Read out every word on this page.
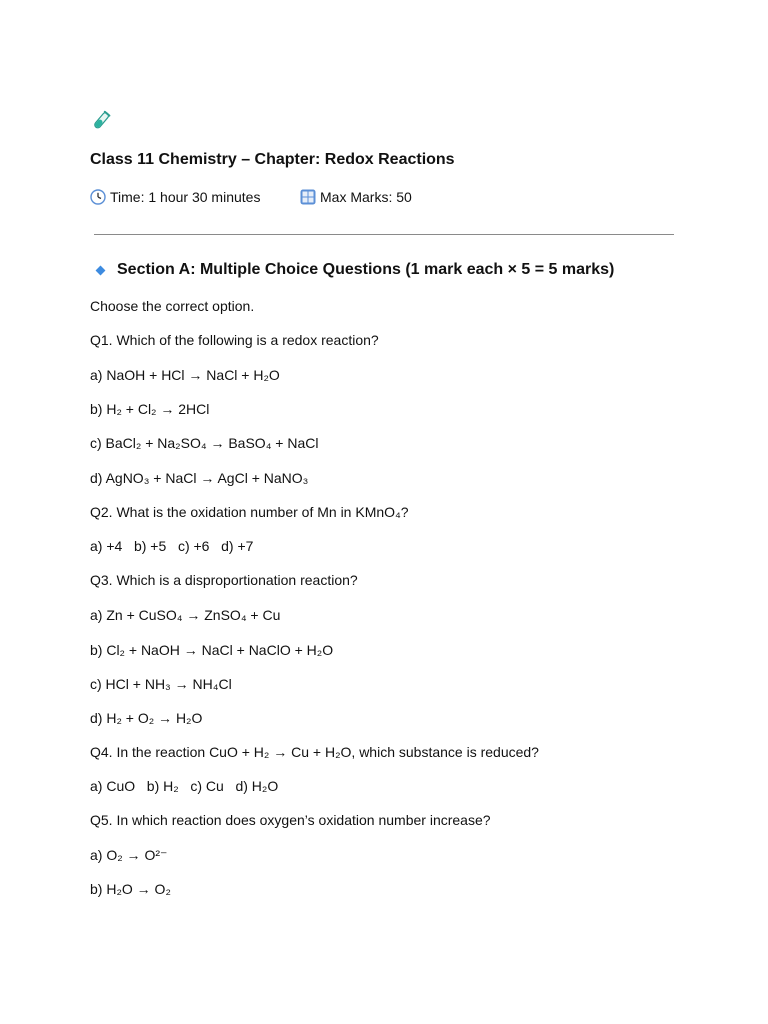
Class 11 Chemistry – Chapter: Redox Reactions
Time: 1 hour 30 minutes	Max Marks: 50
Section A: Multiple Choice Questions (1 mark each × 5 = 5 marks)
Choose the correct option.
Q1. Which of the following is a redox reaction?
a) NaOH + HCl → NaCl + H₂O
b) H₂ + Cl₂ → 2HCl
c) BaCl₂ + Na₂SO₄ → BaSO₄ + NaCl
d) AgNO₃ + NaCl → AgCl + NaNO₃
Q2. What is the oxidation number of Mn in KMnO₄?
a) +4   b) +5   c) +6   d) +7
Q3. Which is a disproportionation reaction?
a) Zn + CuSO₄ → ZnSO₄ + Cu
b) Cl₂ + NaOH → NaCl + NaClO + H₂O
c) HCl + NH₃ → NH₄Cl
d) H₂ + O₂ → H₂O
Q4. In the reaction CuO + H₂ → Cu + H₂O, which substance is reduced?
a) CuO   b) H₂   c) Cu   d) H₂O
Q5. In which reaction does oxygen’s oxidation number increase?
a) O₂ → O²⁻
b) H₂O → O₂
